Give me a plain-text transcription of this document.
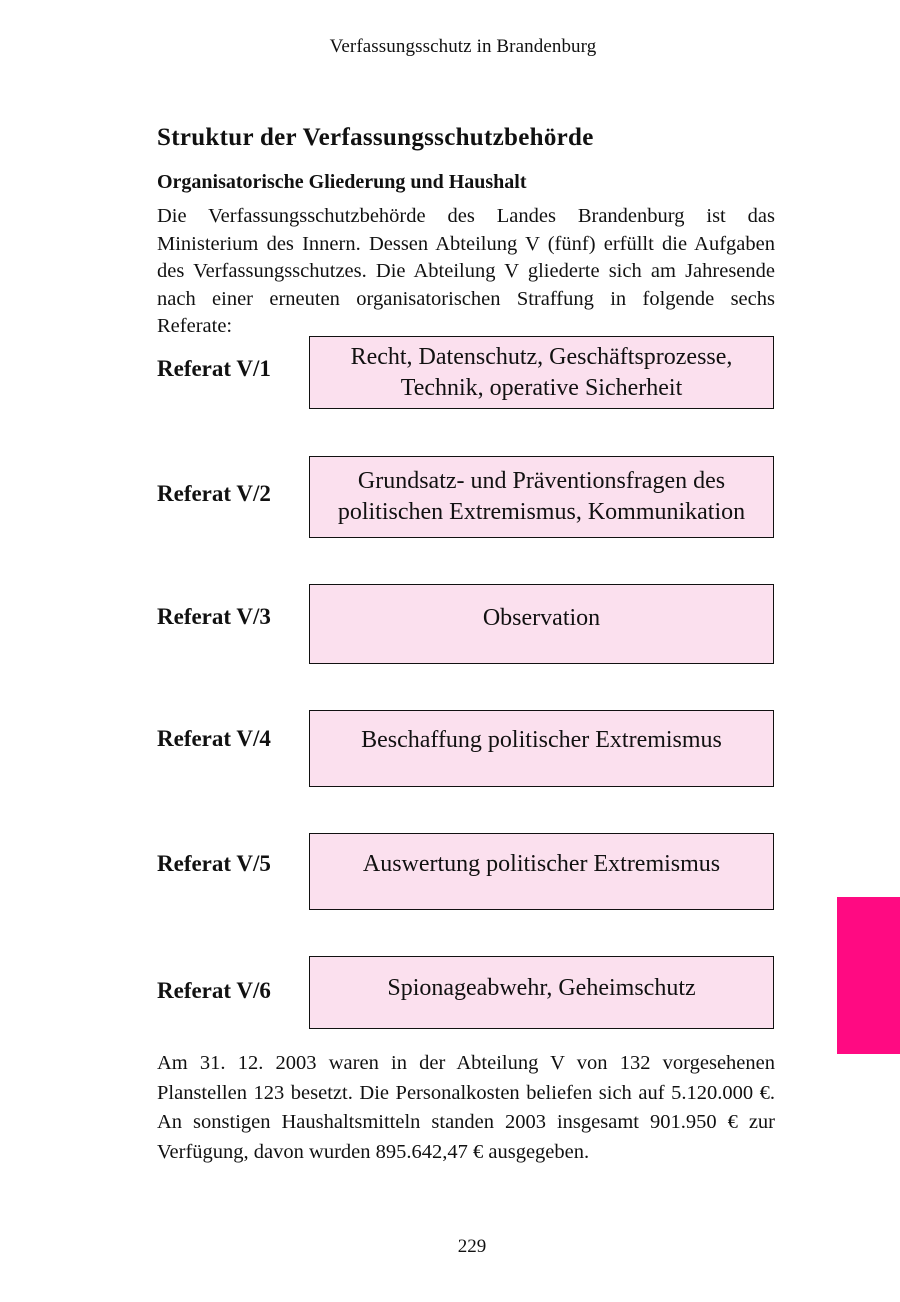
Verfassungsschutz in Brandenburg
Struktur der Verfassungsschutzbehörde
Organisatorische Gliederung und Haushalt

Die Verfassungsschutzbehörde des Landes Brandenburg ist das Ministerium des Innern. Dessen Abteilung V (fünf) erfüllt die Aufgaben des Verfassungsschutzes. Die Abteilung V gliederte sich am Jahresende nach einer erneuten organisatorischen Straffung in folgende sechs Referate:

Referat V/1	Recht, Datenschutz, Geschäftsprozesse,
Technik, operative Sicherheit
Referat V/2	Grundsatz- und Präventionsfragen des
politischen Extremismus, Kommunikation
Referat V/3	Observation
Referat V/4	Beschaffung politischer Extremismus
Referat V/5	Auswertung politischer Extremismus
Referat V/6	Spionageabwehr, Geheimschutz

Am 31. 12. 2003 waren in der Abteilung V von 132 vorgesehenen Planstellen 123 besetzt. Die Personalkosten beliefen sich auf 5.120.000 €. An sonstigen Haushaltsmitteln standen 2003 insgesamt 901.950 € zur Verfügung, davon wurden 895.642,47 € ausgegeben.

229
